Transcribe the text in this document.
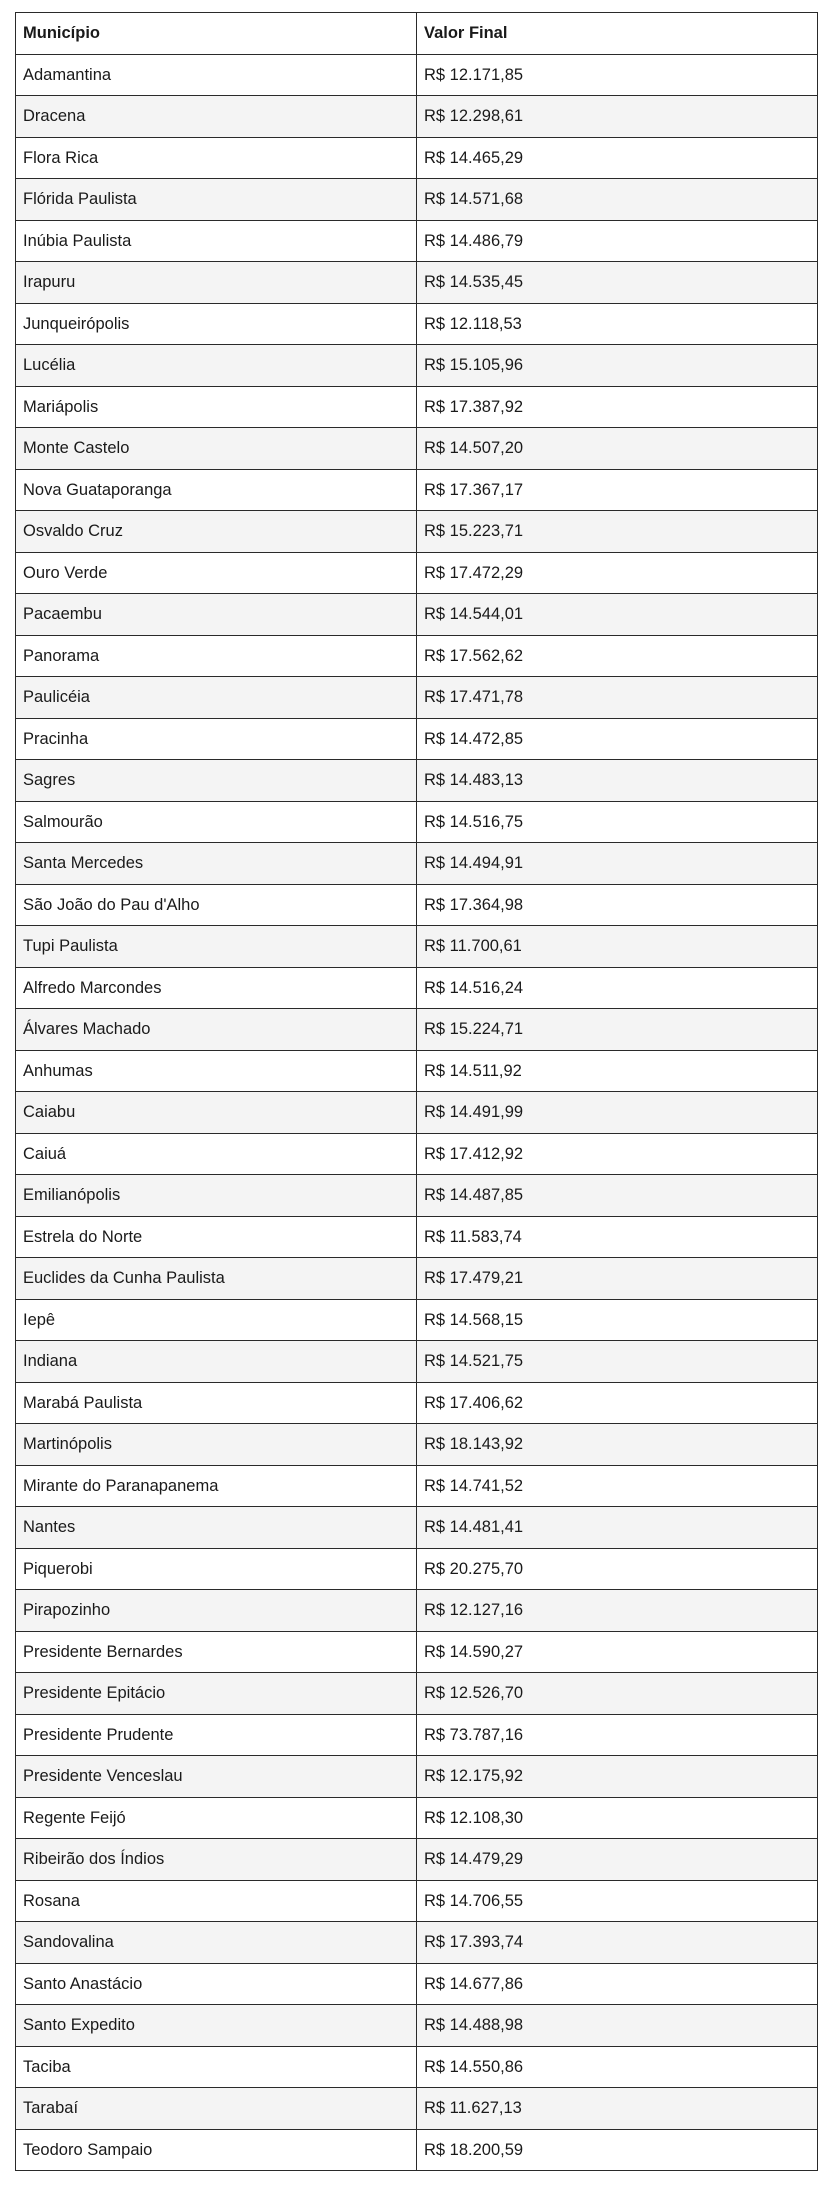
Município	Valor Final
Adamantina	R$ 12.171,85
Dracena	R$ 12.298,61
Flora Rica	R$ 14.465,29
Flórida Paulista	R$ 14.571,68
Inúbia Paulista	R$ 14.486,79
Irapuru	R$ 14.535,45
Junqueirópolis	R$ 12.118,53
Lucélia	R$ 15.105,96
Mariápolis	R$ 17.387,92
Monte Castelo	R$ 14.507,20
Nova Guataporanga	R$ 17.367,17
Osvaldo Cruz	R$ 15.223,71
Ouro Verde	R$ 17.472,29
Pacaembu	R$ 14.544,01
Panorama	R$ 17.562,62
Paulicéia	R$ 17.471,78
Pracinha	R$ 14.472,85
Sagres	R$ 14.483,13
Salmourão	R$ 14.516,75
Santa Mercedes	R$ 14.494,91
São João do Pau d'Alho	R$ 17.364,98
Tupi Paulista	R$ 11.700,61
Alfredo Marcondes	R$ 14.516,24
Álvares Machado	R$ 15.224,71
Anhumas	R$ 14.511,92
Caiabu	R$ 14.491,99
Caiuá	R$ 17.412,92
Emilianópolis	R$ 14.487,85
Estrela do Norte	R$ 11.583,74
Euclides da Cunha Paulista	R$ 17.479,21
Iepê	R$ 14.568,15
Indiana	R$ 14.521,75
Marabá Paulista	R$ 17.406,62
Martinópolis	R$ 18.143,92
Mirante do Paranapanema	R$ 14.741,52
Nantes	R$ 14.481,41
Piquerobi	R$ 20.275,70
Pirapozinho	R$ 12.127,16
Presidente Bernardes	R$ 14.590,27
Presidente Epitácio	R$ 12.526,70
Presidente Prudente	R$ 73.787,16
Presidente Venceslau	R$ 12.175,92
Regente Feijó	R$ 12.108,30
Ribeirão dos Índios	R$ 14.479,29
Rosana	R$ 14.706,55
Sandovalina	R$ 17.393,74
Santo Anastácio	R$ 14.677,86
Santo Expedito	R$ 14.488,98
Taciba	R$ 14.550,86
Tarabaí	R$ 11.627,13
Teodoro Sampaio	R$ 18.200,59
